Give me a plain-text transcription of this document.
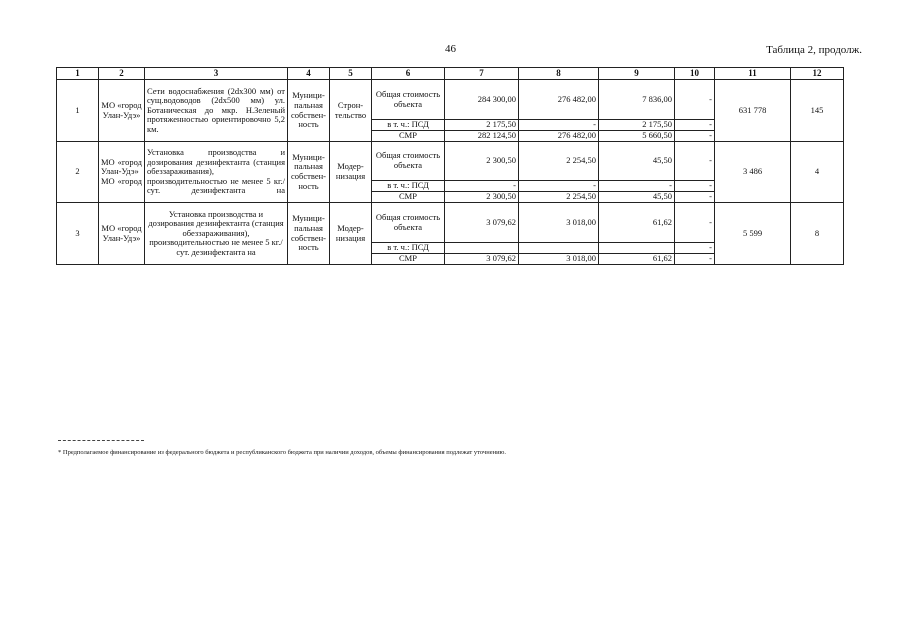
46	Таблица 2, продолж.
1	2	3	4	5	6	7	8	9	10	11	12
1	МО «город Улан-Удэ»	Сети водоснабжения (2dx300 мм) от сущ.водоводов (2dx500 мм) ул. Ботаническая до мкр. Н.Зеленый протяженностью ориентировочно 5,2 км.	Муници-пальная собствен-ность	Строн-тельство	Общая стоимость объекта	284 300,00	276 482,00	7 836,00	-	631 778	145
					в т. ч.: ПСД	2 175,50	-	2 175,50	-		
					СМР	282 124,50	276 482,00	5 660,50	-		
2	МО «город Улан-Удэ» МО «город	Установка производства и дозирования дезинфектанта (станция обеззараживания), производительностью не менее 5 кг./сут. дезинфектанта на	Муници-пальная собствен-ность	Модер-низация	Общая стоимость объекта	2 300,50	2 254,50	45,50	-	3 486	4
					в т. ч.: ПСД	-	-	-	-		
					СМР	2 300,50	2 254,50	45,50	-		
3	МО «город Улан-Удэ»	Установка производства и дозирования дезинфектанта (станция обеззараживания), производительностью не менее 5 кг./сут. дезинфектанта на	Муници-пальная собствен-ность	Модер-низация	Общая стоимость объекта	3 079,62	3 018,00	61,62	-	5 599	8
					в т. ч.: ПСД				-		
					СМР	3 079,62	3 018,00	61,62	-		
* Предполагаемое финансирование из федерального бюджета и республиканского бюджета при наличии доходов, объемы финансирования подлежат уточнению.
